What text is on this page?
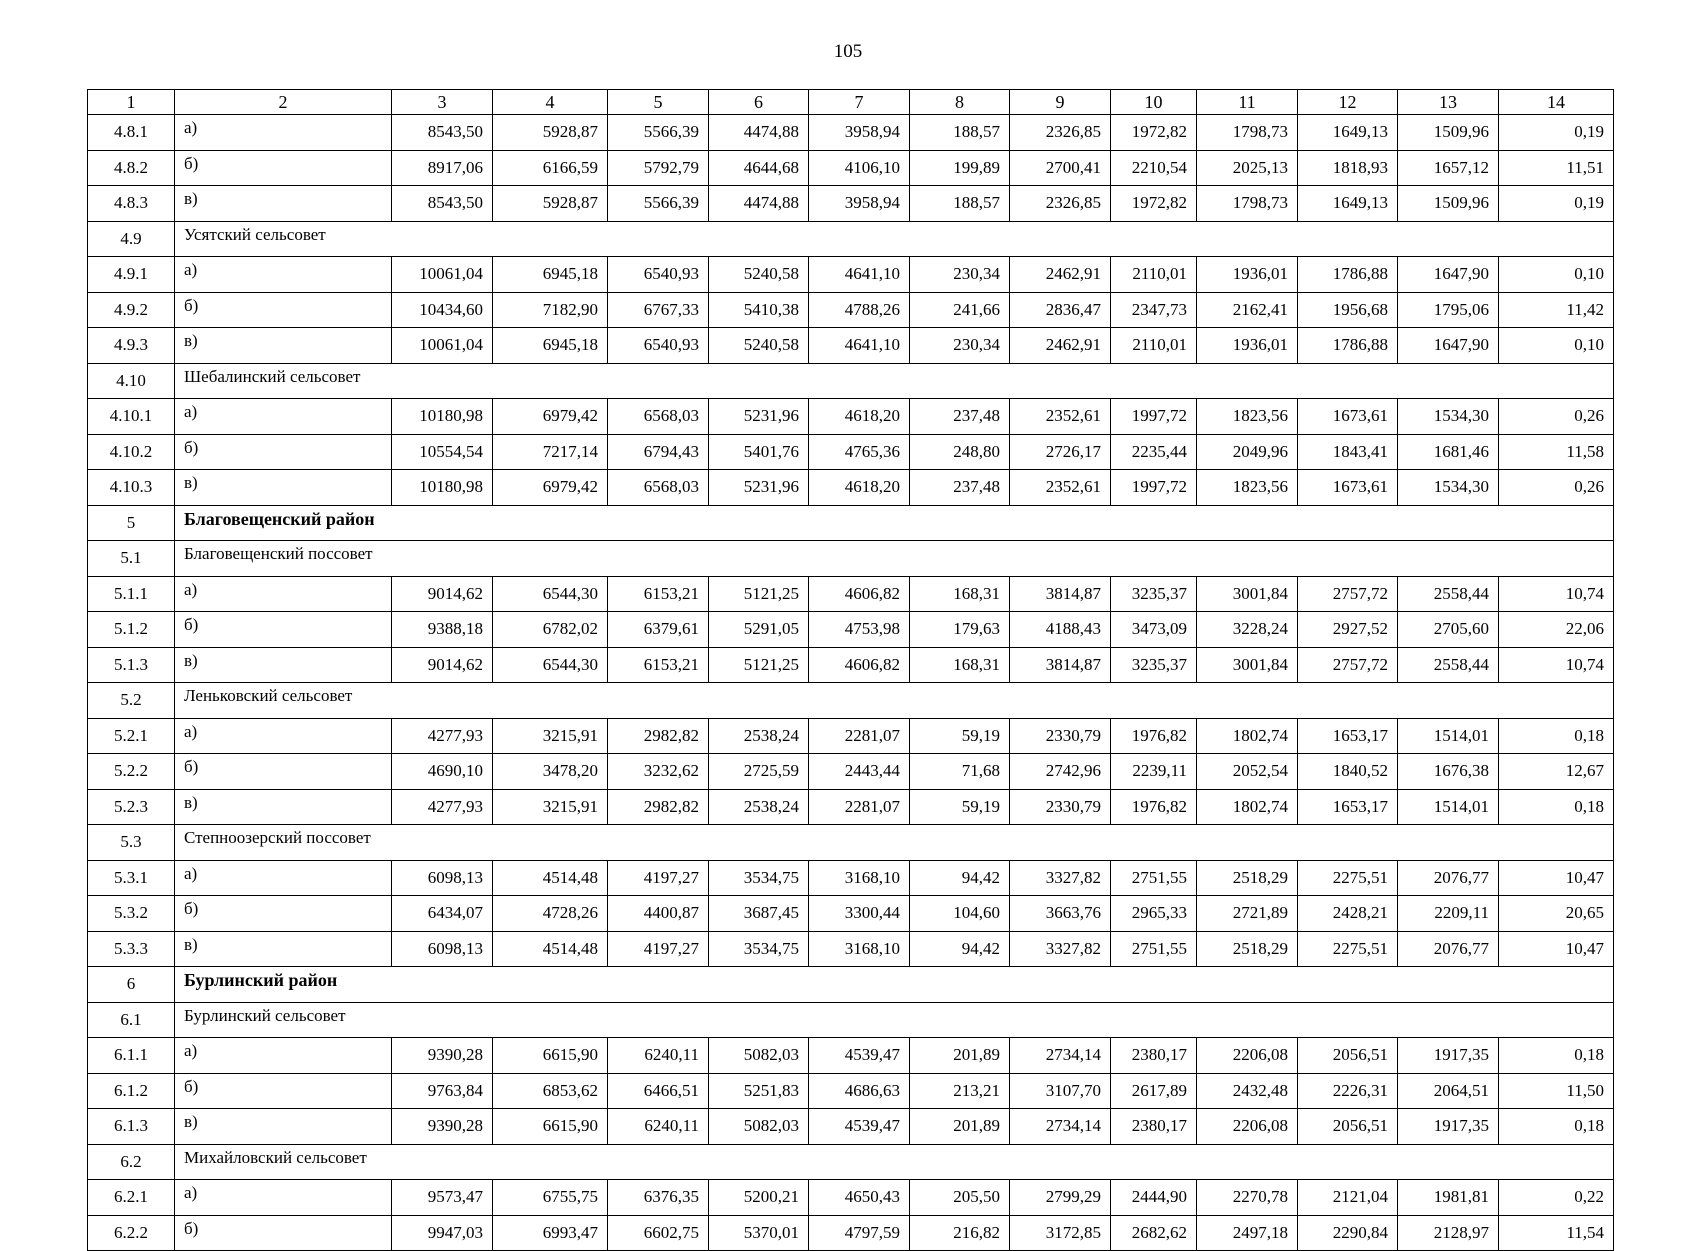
105
1	2	3	4	5	6	7	8	9	10	11	12	13	14
4.8.1	а)	8543,50	5928,87	5566,39	4474,88	3958,94	188,57	2326,85	1972,82	1798,73	1649,13	1509,96	0,19
4.8.2	б)	8917,06	6166,59	5792,79	4644,68	4106,10	199,89	2700,41	2210,54	2025,13	1818,93	1657,12	11,51
4.8.3	в)	8543,50	5928,87	5566,39	4474,88	3958,94	188,57	2326,85	1972,82	1798,73	1649,13	1509,96	0,19
4.9	Усятский сельсовет												
4.9.1	а)	10061,04	6945,18	6540,93	5240,58	4641,10	230,34	2462,91	2110,01	1936,01	1786,88	1647,90	0,10
4.9.2	б)	10434,60	7182,90	6767,33	5410,38	4788,26	241,66	2836,47	2347,73	2162,41	1956,68	1795,06	11,42
4.9.3	в)	10061,04	6945,18	6540,93	5240,58	4641,10	230,34	2462,91	2110,01	1936,01	1786,88	1647,90	0,10
4.10	Шебалинский сельсовет												
4.10.1	а)	10180,98	6979,42	6568,03	5231,96	4618,20	237,48	2352,61	1997,72	1823,56	1673,61	1534,30	0,26
4.10.2	б)	10554,54	7217,14	6794,43	5401,76	4765,36	248,80	2726,17	2235,44	2049,96	1843,41	1681,46	11,58
4.10.3	в)	10180,98	6979,42	6568,03	5231,96	4618,20	237,48	2352,61	1997,72	1823,56	1673,61	1534,30	0,26
5	Благовещенский район												
5.1	Благовещенский поссовет												
5.1.1	а)	9014,62	6544,30	6153,21	5121,25	4606,82	168,31	3814,87	3235,37	3001,84	2757,72	2558,44	10,74
5.1.2	б)	9388,18	6782,02	6379,61	5291,05	4753,98	179,63	4188,43	3473,09	3228,24	2927,52	2705,60	22,06
5.1.3	в)	9014,62	6544,30	6153,21	5121,25	4606,82	168,31	3814,87	3235,37	3001,84	2757,72	2558,44	10,74
5.2	Леньковский сельсовет												
5.2.1	а)	4277,93	3215,91	2982,82	2538,24	2281,07	59,19	2330,79	1976,82	1802,74	1653,17	1514,01	0,18
5.2.2	б)	4690,10	3478,20	3232,62	2725,59	2443,44	71,68	2742,96	2239,11	2052,54	1840,52	1676,38	12,67
5.2.3	в)	4277,93	3215,91	2982,82	2538,24	2281,07	59,19	2330,79	1976,82	1802,74	1653,17	1514,01	0,18
5.3	Степноозерский поссовет												
5.3.1	а)	6098,13	4514,48	4197,27	3534,75	3168,10	94,42	3327,82	2751,55	2518,29	2275,51	2076,77	10,47
5.3.2	б)	6434,07	4728,26	4400,87	3687,45	3300,44	104,60	3663,76	2965,33	2721,89	2428,21	2209,11	20,65
5.3.3	в)	6098,13	4514,48	4197,27	3534,75	3168,10	94,42	3327,82	2751,55	2518,29	2275,51	2076,77	10,47
6	Бурлинский район												
6.1	Бурлинский сельсовет												
6.1.1	а)	9390,28	6615,90	6240,11	5082,03	4539,47	201,89	2734,14	2380,17	2206,08	2056,51	1917,35	0,18
6.1.2	б)	9763,84	6853,62	6466,51	5251,83	4686,63	213,21	3107,70	2617,89	2432,48	2226,31	2064,51	11,50
6.1.3	в)	9390,28	6615,90	6240,11	5082,03	4539,47	201,89	2734,14	2380,17	2206,08	2056,51	1917,35	0,18
6.2	Михайловский сельсовет												
6.2.1	а)	9573,47	6755,75	6376,35	5200,21	4650,43	205,50	2799,29	2444,90	2270,78	2121,04	1981,81	0,22
6.2.2	б)	9947,03	6993,47	6602,75	5370,01	4797,59	216,82	3172,85	2682,62	2497,18	2290,84	2128,97	11,54
